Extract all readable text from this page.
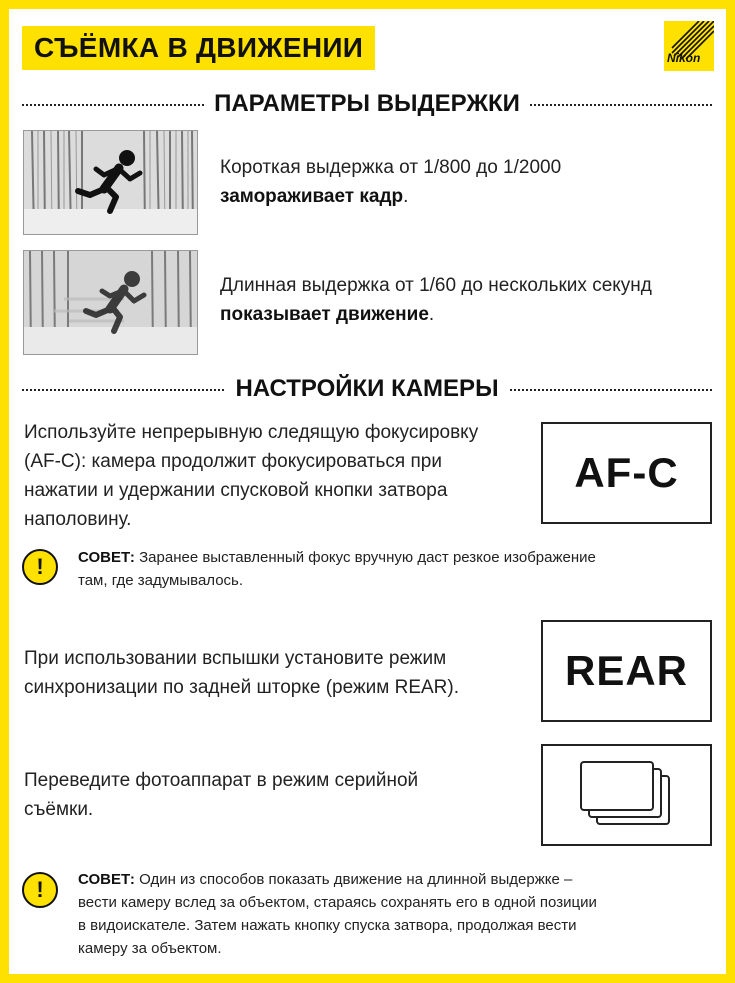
СЪЁМКА В ДВИЖЕНИИ	Nikon
ПАРАМЕТРЫ ВЫДЕРЖКИ
Короткая выдержка от 1/800 до 1/2000
замораживает кадр.
Длинная выдержка от 1/60 до нескольких секунд
показывает движение.
НАСТРОЙКИ КАМЕРЫ
Используйте непрерывную следящую фокусировку
(AF-C): камера продолжит фокусироваться при
нажатии и удержании спусковой кнопки затвора
наполовину.
AF-C
! СОВЕТ: Заранее выставленный фокус вручную даст резкое изображение
там, где задумывалось.
При использовании вспышки установите режим
синхронизации по задней шторке (режим REAR).	REAR
Переведите фотоаппарат в режим серийной
съёмки.
! СОВЕТ: Один из способов показать движение на длинной выдержке –
вести камеру вслед за объектом, стараясь сохранять его в одной позиции
в видоискателе. Затем нажать кнопку спуска затвора, продолжая вести
камеру за объектом.
